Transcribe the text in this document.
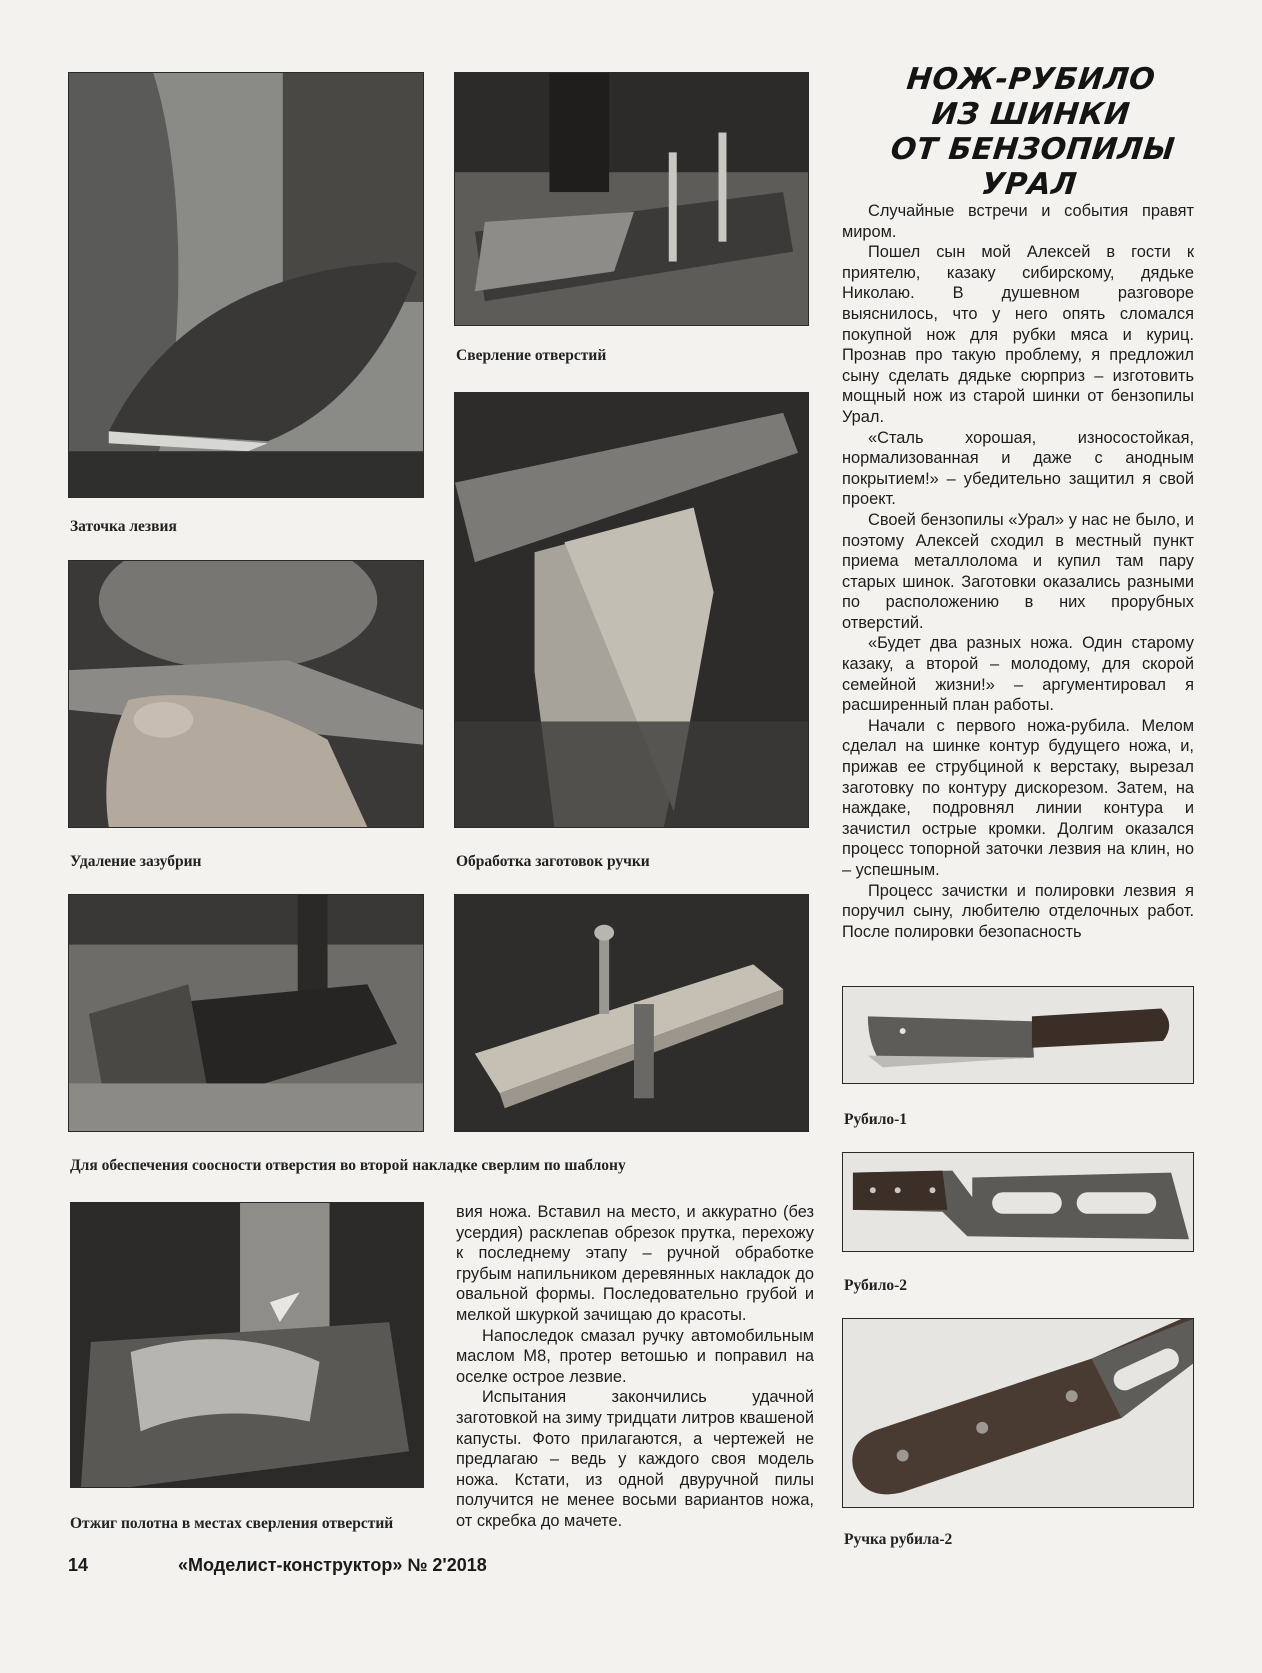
Заточка лезвия
Сверление отверстий
Удаление зазубрин	Обработка заготовок ручки
Для обеспечения соосности отверстия во второй накладке сверлим по шаблону
Отжиг полотна в местах сверления отверстий
НОЖ-РУБИЛО
ИЗ ШИНКИ
ОТ БЕНЗОПИЛЫ УРАЛ

Случайные встречи и события правят миром.

Пошел сын мой Алексей в гости к приятелю, казаку сибирскому, дядьке Николаю. В душевном разговоре выяснилось, что у него опять сломался покупной нож для рубки мяса и куриц. Прознав про такую проблему, я предложил сыну сделать дядьке сюрприз – изготовить мощный нож из старой шинки от бензопилы Урал.

«Сталь хорошая, износостойкая, нормализованная и даже с анодным покрытием!» – убедительно защитил я свой проект.

Своей бензопилы «Урал» у нас не было, и поэтому Алексей сходил в местный пункт приема металлолома и купил там пару старых шинок. Заготовки оказались разными по расположению в них прорубных отверстий.

«Будет два разных ножа. Один старому казаку, а второй – молодому, для скорой семейной жизни!» – аргументировал я расширенный план работы.

Начали с первого ножа-рубила. Мелом сделал на шинке контур будущего ножа, и, прижав ее струбциной к верстаку, вырезал заготовку по контуру дискорезом. Затем, на наждаке, подровнял линии контура и зачистил острые кромки. Долгим оказался процесс топорной заточки лезвия на клин, но – успешным.

Процесс зачистки и полировки лезвия я поручил сыну, любителю отделочных работ. После полировки безопасность

Рубило-1
Рубило-2
Ручка рубила-2

вия ножа. Вставил на место, и аккуратно (без усердия) расклепав обрезок прутка, перехожу к последнему этапу – ручной обработке грубым напильником деревянных накладок до овальной формы. Последовательно грубой и мелкой шкуркой зачищаю до красоты.

Напоследок смазал ручку автомобильным маслом М8, протер ветошью и поправил на оселке острое лезвие.

Испытания закончились удачной заготовкой на зиму тридцати литров квашеной капусты. Фото прилагаются, а чертежей не предлагаю – ведь у каждого своя модель ножа. Кстати, из одной двуручной пилы получится не менее восьми вариантов ножа, от скребка до мачете.

14	«Моделист-конструктор» № 2'2018
